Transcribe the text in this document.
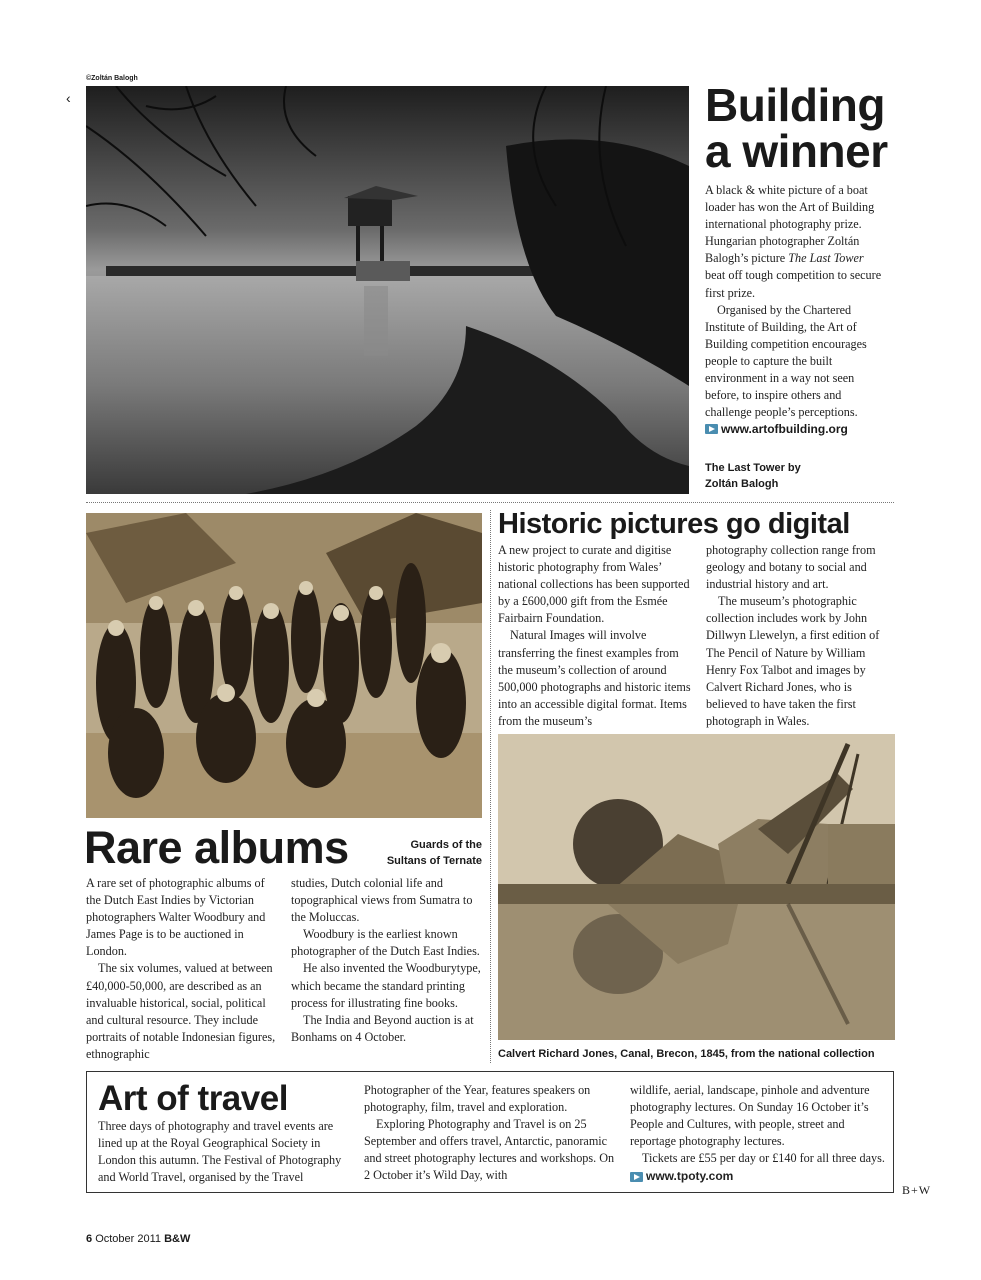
©Zoltán Balogh
‹	Building
a winner

A black & white picture of a boat loader has won the Art of Building international photography prize. Hungarian photographer Zoltán Balogh’s picture The Last Tower beat off tough competition to secure first prize.

Organised by the Chartered Institute of Building, the Art of Building competition encourages people to capture the built environment in a way not seen before, to inspire others and challenge people’s perceptions.

www.artofbuilding.org
The Last Tower by
Zoltán Balogh
Historic pictures go digital

A new project to curate and digitise historic photography from Wales’ national collections has been supported by a £600,000 gift from the Esmée Fairbairn Foundation.

Natural Images will involve transferring the finest examples from the museum’s collection of around 500,000 photographs and historic items into an accessible digital format. Items from the museum’s

photography collection range from geology and botany to social and industrial history and art.

The museum’s photographic collection includes work by John Dillwyn Llewelyn, a first edition of The Pencil of Nature by William Henry Fox Talbot and images by Calvert Richard Jones, who is believed to have taken the first photograph in Wales.

Calvert Richard Jones, Canal, Brecon, 1845, from the national collection
Rare albums	Guards of the
Sultans of Ternate

A rare set of photographic albums of the Dutch East Indies by Victorian photographers Walter Woodbury and James Page is to be auctioned in London.

The six volumes, valued at between £40,000-50,000, are described as an invaluable historical, social, political and cultural resource. They include portraits of notable Indonesian figures, ethnographic

studies, Dutch colonial life and topographical views from Sumatra to the Moluccas.

Woodbury is the earliest known photographer of the Dutch East Indies.

He also invented the Woodburytype, which became the standard printing process for illustrating fine books.

The India and Beyond auction is at Bonhams on 4 October.

Art of travel

Three days of photography and travel events are lined up at the Royal Geographical Society in London this autumn. The Festival of Photography and World Travel, organised by the Travel

Photographer of the Year, features speakers on photography, film, travel and exploration.

Exploring Photography and Travel is on 25 September and offers travel, Antarctic, panoramic and street photography lectures and workshops. On 2 October it’s Wild Day, with

wildlife, aerial, landscape, pinhole and adventure photography lectures. On Sunday 16 October it’s People and Cultures, with people, street and reportage photography lectures.

Tickets are £55 per day or £140 for all three days.

www.tpoty.com
B+W
6 October 2011 B&W
